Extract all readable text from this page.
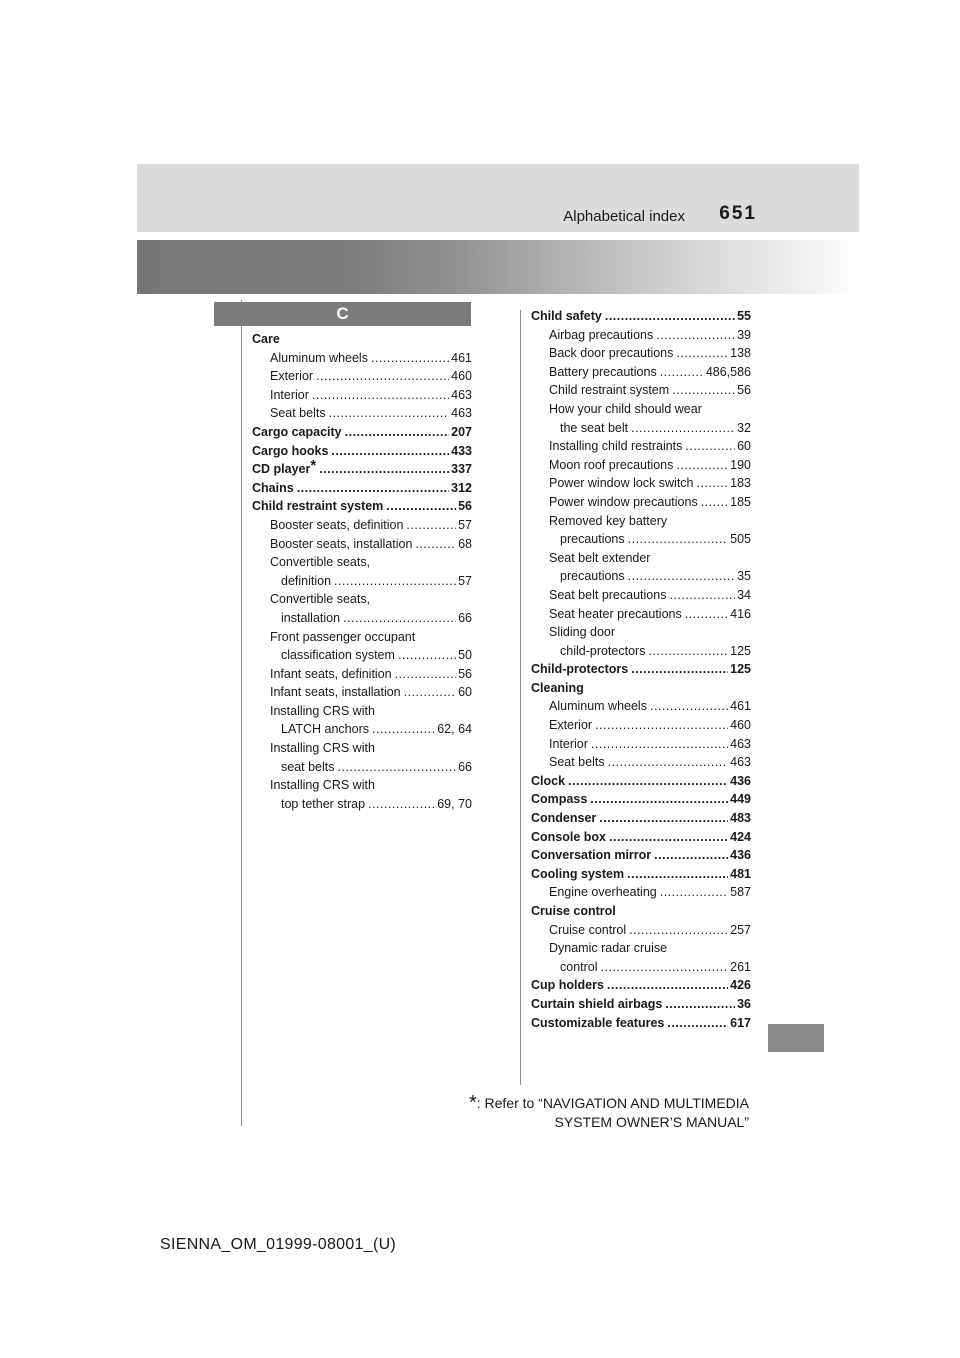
Alphabetical index 651
C
Care
Aluminum wheels .....	461
Exterior .....	460
Interior .....	463
Seat belts .....	463
Cargo capacity .....	207
Cargo hooks .....	433
CD player* .....	337
Chains .....	312
Child restraint system .....	56
Booster seats, definition .....	57
Booster seats, installation .....	68
Convertible seats,
definition .....	57
Convertible seats,
installation .....	66
Front passenger occupant
classification system .....	50
Infant seats, definition .....	56
Infant seats, installation .....	60
Installing CRS with
LATCH anchors .....	62, 64
Installing CRS with
seat belts .....	66
Installing CRS with
top tether strap .....	69, 70
Child safety .....	55
Airbag precautions .....	39
Back door precautions .....	138
Battery precautions .....	486,586
Child restraint system .....	56
How your child should wear
the seat belt .....	32
Installing child restraints .....	60
Moon roof precautions .....	190
Power window lock switch .....	183
Power window precautions .....	185
Removed key battery
precautions .....	505
Seat belt extender
precautions .....	35
Seat belt precautions .....	34
Seat heater precautions .....	416
Sliding door
child-protectors .....	125
Child-protectors .....	125
Cleaning
Aluminum wheels .....	461
Exterior .....	460
Interior .....	463
Seat belts .....	463
Clock .....	436
Compass .....	449
Condenser .....	483
Console box .....	424
Conversation mirror .....	436
Cooling system .....	481
Engine overheating .....	587
Cruise control
Cruise control .....	257
Dynamic radar cruise
control .....	261
Cup holders .....	426
Curtain shield airbags .....	36
Customizable features .....	617
*: Refer to “NAVIGATION AND MULTIMEDIA
SYSTEM OWNER’S MANUAL”
SIENNA_OM_01999-08001_(U)
